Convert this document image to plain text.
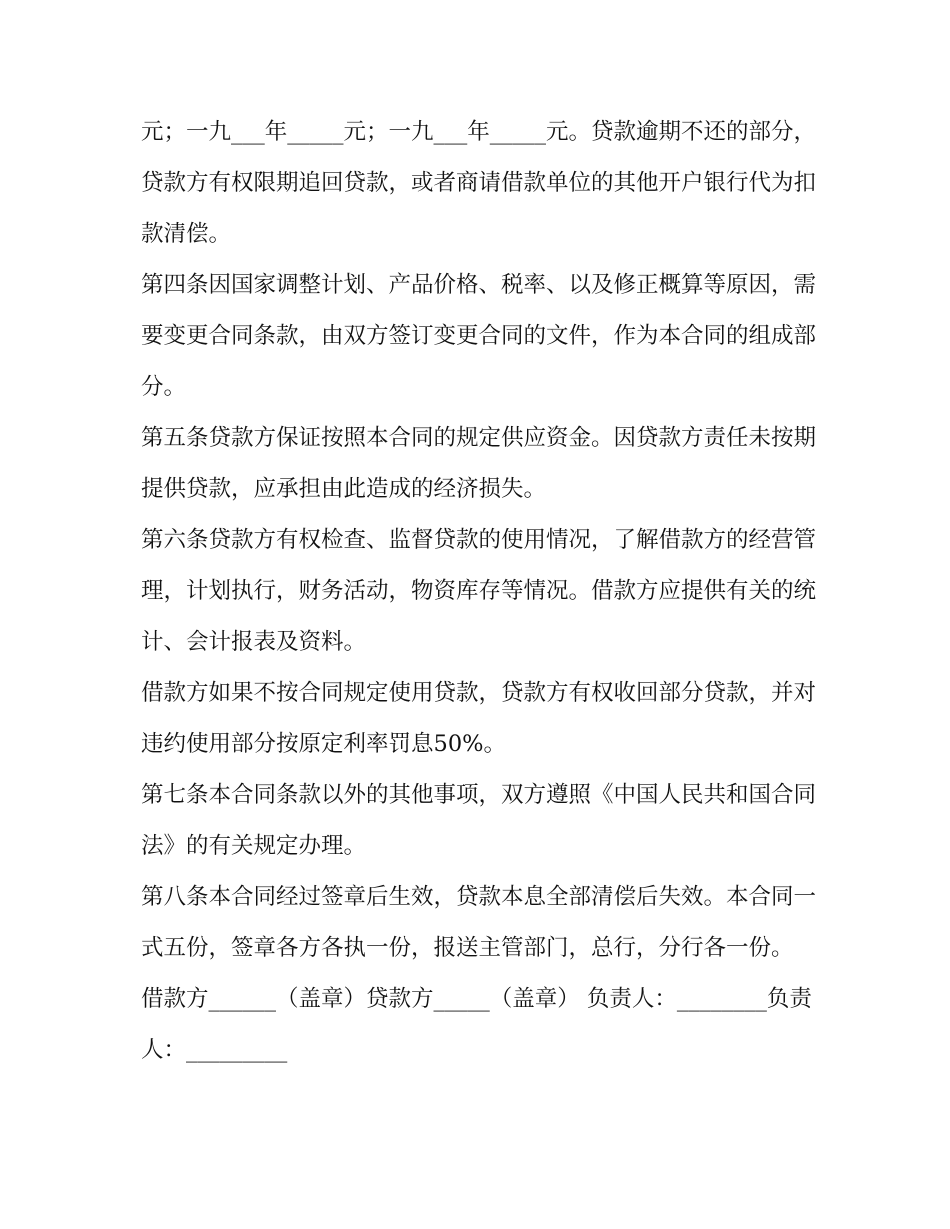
元；一九___年_____元；一九___年_____元。贷款逾期不还的部分，贷款方有权限期追回贷款，或者商请借款单位的其他开户银行代为扣款清偿。

第四条因国家调整计划、产品价格、税率、以及修正概算等原因，需要变更合同条款，由双方签订变更合同的文件，作为本合同的组成部分。

第五条贷款方保证按照本合同的规定供应资金。因贷款方责任未按期提供贷款，应承担由此造成的经济损失。

第六条贷款方有权检查、监督贷款的使用情况，了解借款方的经营管理，计划执行，财务活动，物资库存等情况。借款方应提供有关的统计、会计报表及资料。

借款方如果不按合同规定使用贷款，贷款方有权收回部分贷款，并对违约使用部分按原定利率罚息50%。

第七条本合同条款以外的其他事项，双方遵照《中国人民共和国合同法》的有关规定办理。

第八条本合同经过签章后生效，贷款本息全部清偿后失效。本合同一式五份，签章各方各执一份，报送主管部门，总行，分行各一份。

借款方______（盖章）贷款方_____（盖章） 负责人：________负责人：_________
